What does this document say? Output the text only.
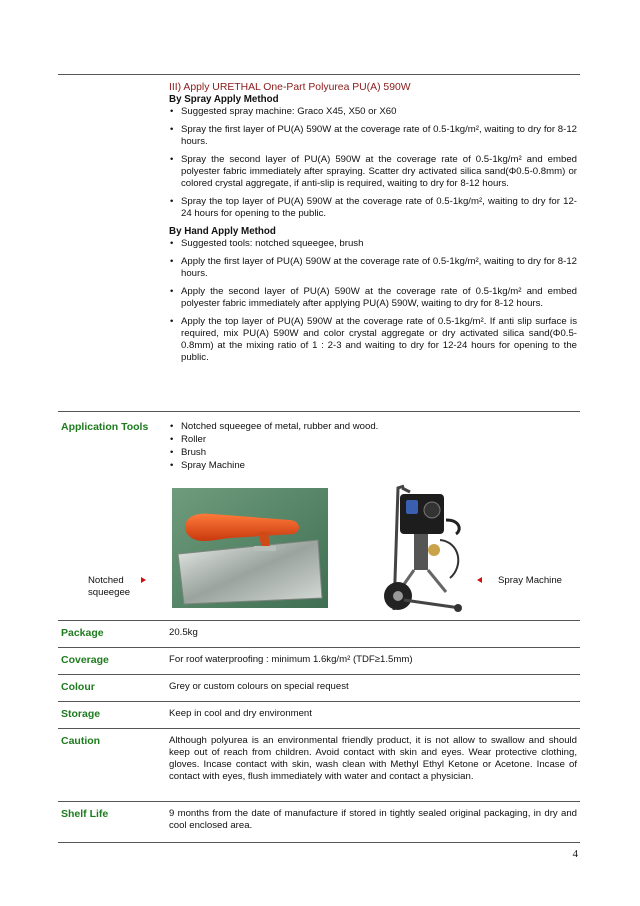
III) Apply URETHAL One-Part Polyurea PU(A) 590W

By Spray Apply Method

• Suggested spray machine: Graco X45, X50 or X60
• Spray the first layer of PU(A) 590W at the coverage rate of 0.5-1kg/m², waiting to dry for 8-12 hours.
• Spray the second layer of PU(A) 590W at the coverage rate of 0.5-1kg/m² and embed polyester fabric immediately after spraying. Scatter dry activated silica sand(Φ0.5-0.8mm) or colored crystal aggregate, if anti-slip is required, waiting to dry for 8-12 hours.
• Spray the top layer of PU(A) 590W at the coverage rate of 0.5-1kg/m², waiting to dry for 12-24 hours for opening to the public.

By Hand Apply Method

• Suggested tools: notched squeegee, brush
• Apply the first layer of PU(A) 590W at the coverage rate of 0.5-1kg/m², waiting to dry for 8-12 hours.
• Apply the second layer of PU(A) 590W at the coverage rate of 0.5-1kg/m² and embed polyester fabric immediately after applying PU(A) 590W, waiting to dry for 8-12 hours.
• Apply the top layer of PU(A) 590W at the coverage rate of 0.5-1kg/m². If anti slip surface is required, mix PU(A) 590W and color crystal aggregate or dry activated silica sand(Φ0.5-0.8mm) at the mixing ratio of 1 : 2-3 and waiting to dry for 12-24 hours for opening to the public.
Application Tools
•	Notched squeegee of metal, rubber and wood.
• Roller
• Brush
• Spray Machine
Notched squeegee
Spray Machine
Package	20.5kg
Coverage	For roof waterproofing : minimum 1.6kg/m² (TDF≥1.5mm)
Colour	Grey or custom colours on special request
Storage	Keep in cool and dry environment
Caution	Although polyurea is an environmental friendly product, it is not allow to swallow and should keep out of reach from children. Avoid contact with skin and eyes. Wear protective clothing, gloves. Incase contact with skin, wash clean with Methyl Ethyl Ketone or Acetone. Incase of contact with eyes, flush immediately with water and contact a physician.
Shelf Life	9 months from the date of manufacture if stored in tightly sealed original packaging, in dry and cool enclosed area.
4
